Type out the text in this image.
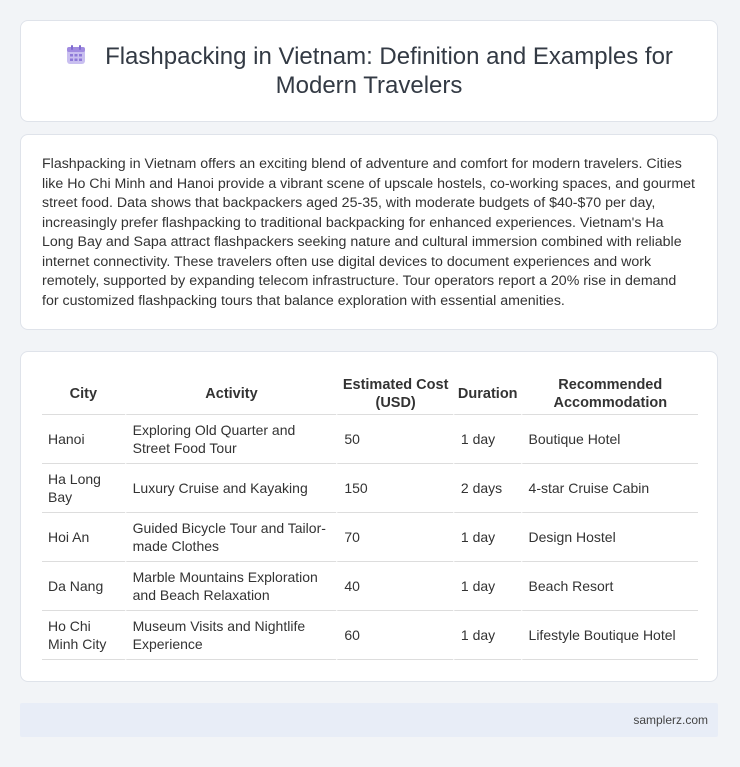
Flashpacking in Vietnam: Definition and Examples for Modern Travelers

Flashpacking in Vietnam offers an exciting blend of adventure and comfort for modern travelers. Cities like Ho Chi Minh and Hanoi provide a vibrant scene of upscale hostels, co-working spaces, and gourmet street food. Data shows that backpackers aged 25-35, with moderate budgets of $40-$70 per day, increasingly prefer flashpacking to traditional backpacking for enhanced experiences. Vietnam's Ha Long Bay and Sapa attract flashpackers seeking nature and cultural immersion combined with reliable internet connectivity. These travelers often use digital devices to document experiences and work remotely, supported by expanding telecom infrastructure. Tour operators report a 20% rise in demand for customized flashpacking tours that balance exploration with essential amenities.

City	Activity	Estimated Cost (USD)	Duration	Recommended Accommodation
Hanoi	Exploring Old Quarter and Street Food Tour	50	1 day	Boutique Hotel
Ha Long Bay	Luxury Cruise and Kayaking	150	2 days	4-star Cruise Cabin
Hoi An	Guided Bicycle Tour and Tailor-made Clothes	70	1 day	Design Hostel
Da Nang	Marble Mountains Exploration and Beach Relaxation	40	1 day	Beach Resort
Ho Chi Minh City	Museum Visits and Nightlife Experience	60	1 day	Lifestyle Boutique Hotel
samplerz.com
